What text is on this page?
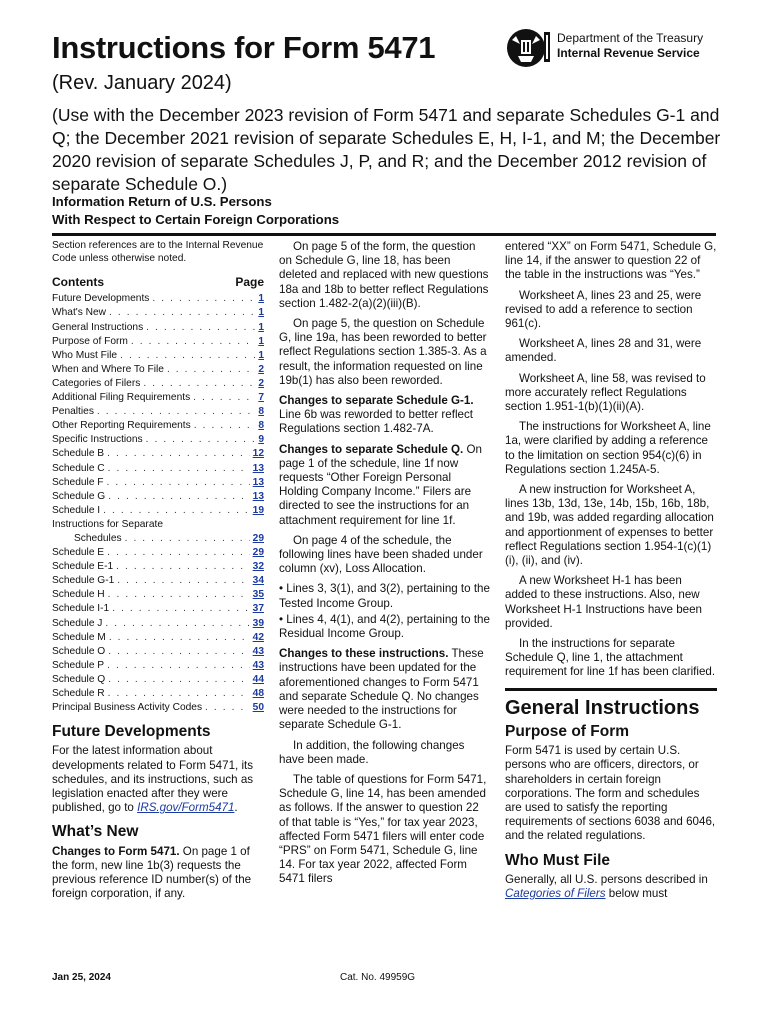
Instructions for Form 5471
(Rev. January 2024)
(Use with the December 2023 revision of Form 5471 and separate Schedules G-1 and Q; the December 2021 revision of separate Schedules E, H, I-1, and M; the December 2020 revision of separate Schedules J, P, and R; and the December 2012 revision of separate Schedule O.)
Information Return of U.S. Persons
With Respect to Certain Foreign Corporations
Department of the Treasury
Internal Revenue Service

Section references are to the Internal Revenue Code unless otherwise noted.

Contents	Page
Future Developments . . .	1
What's New . . .	1
General Instructions . . .	1
Purpose of Form . . .	1
Who Must File . . .	1
When and Where To File . . .	2
Categories of Filers . . .	2
Additional Filing Requirements . . .	7
Penalties . . .	8
Other Reporting Requirements . . .	8
Specific Instructions . . .	9
Schedule B . . .	12
Schedule C . . .	13
Schedule F . . .	13
Schedule G . . .	13
Schedule I . . .	19
Instructions for Separate
Schedules . . .	29
Schedule E . . .	29
Schedule E-1 . . .	32
Schedule G-1 . . .	34
Schedule H . . .	35
Schedule I-1 . . .	37
Schedule J . . .	39
Schedule M . . .	42
Schedule O . . .	43
Schedule P . . .	43
Schedule Q . . .	44
Schedule R . . .	48
Principal Business Activity Codes . . .	50
Future Developments

For the latest information about developments related to Form 5471, its schedules, and its instructions, such as legislation enacted after they were published, go to IRS.gov/Form5471.

What’s New

Changes to Form 5471. On page 1 of the form, new line 1b(3) requests the previous reference ID number(s) of the foreign corporation, if any.

On page 5 of the form, the question on Schedule G, line 18, has been deleted and replaced with new questions 18a and 18b to better reflect Regulations section 1.482-2(a)(2)(iii)(B).

On page 5, the question on Schedule G, line 19a, has been reworded to better reflect Regulations section 1.385-3. As a result, the information requested on line 19b(1) has also been reworded.

Changes to separate Schedule G-1. Line 6b was reworded to better reflect Regulations section 1.482-7A.

Changes to separate Schedule Q. On page 1 of the schedule, line 1f now requests “Other Foreign Personal Holding Company Income.” Filers are directed to see the instructions for an attachment requirement for line 1f.

On page 4 of the schedule, the following lines have been shaded under column (xv), Loss Allocation.

• Lines 3, 3(1), and 3(2), pertaining to the Tested Income Group.

• Lines 4, 4(1), and 4(2), pertaining to the Residual Income Group.

Changes to these instructions. These instructions have been updated for the aforementioned changes to Form 5471 and separate Schedule Q. No changes were needed to the instructions for separate Schedule G-1.

In addition, the following changes have been made.

The table of questions for Form 5471, Schedule G, line 14, has been amended as follows. If the answer to question 22 of that table is “Yes,” for tax year 2023, affected Form 5471 filers will enter code “PRS” on Form 5471, Schedule G, line 14. For tax year 2022, affected Form 5471 filers

entered “XX” on Form 5471, Schedule G, line 14, if the answer to question 22 of the table in the instructions was “Yes.”

Worksheet A, lines 23 and 25, were revised to add a reference to section 961(c).

Worksheet A, lines 28 and 31, were amended.

Worksheet A, line 58, was revised to more accurately reflect Regulations section 1.951-1(b)(1)(ii)(A).

The instructions for Worksheet A, line 1a, were clarified by adding a reference to the limitation on section 954(c)(6) in Regulations section 1.245A-5.

A new instruction for Worksheet A, lines 13b, 13d, 13e, 14b, 15b, 16b, 18b, and 19b, was added regarding allocation and apportionment of expenses to better reflect Regulations section 1.954-1(c)(1)(i), (ii), and (iv).

A new Worksheet H-1 has been added to these instructions. Also, new Worksheet H-1 Instructions have been provided.

In the instructions for separate Schedule Q, line 1, the attachment requirement for line 1f has been clarified.

General Instructions
Purpose of Form

Form 5471 is used by certain U.S. persons who are officers, directors, or shareholders in certain foreign corporations. The form and schedules are used to satisfy the reporting requirements of sections 6038 and 6046, and the related regulations.

Who Must File

Generally, all U.S. persons described in Categories of Filers below must

Jan 25, 2024	Cat. No. 49959G
